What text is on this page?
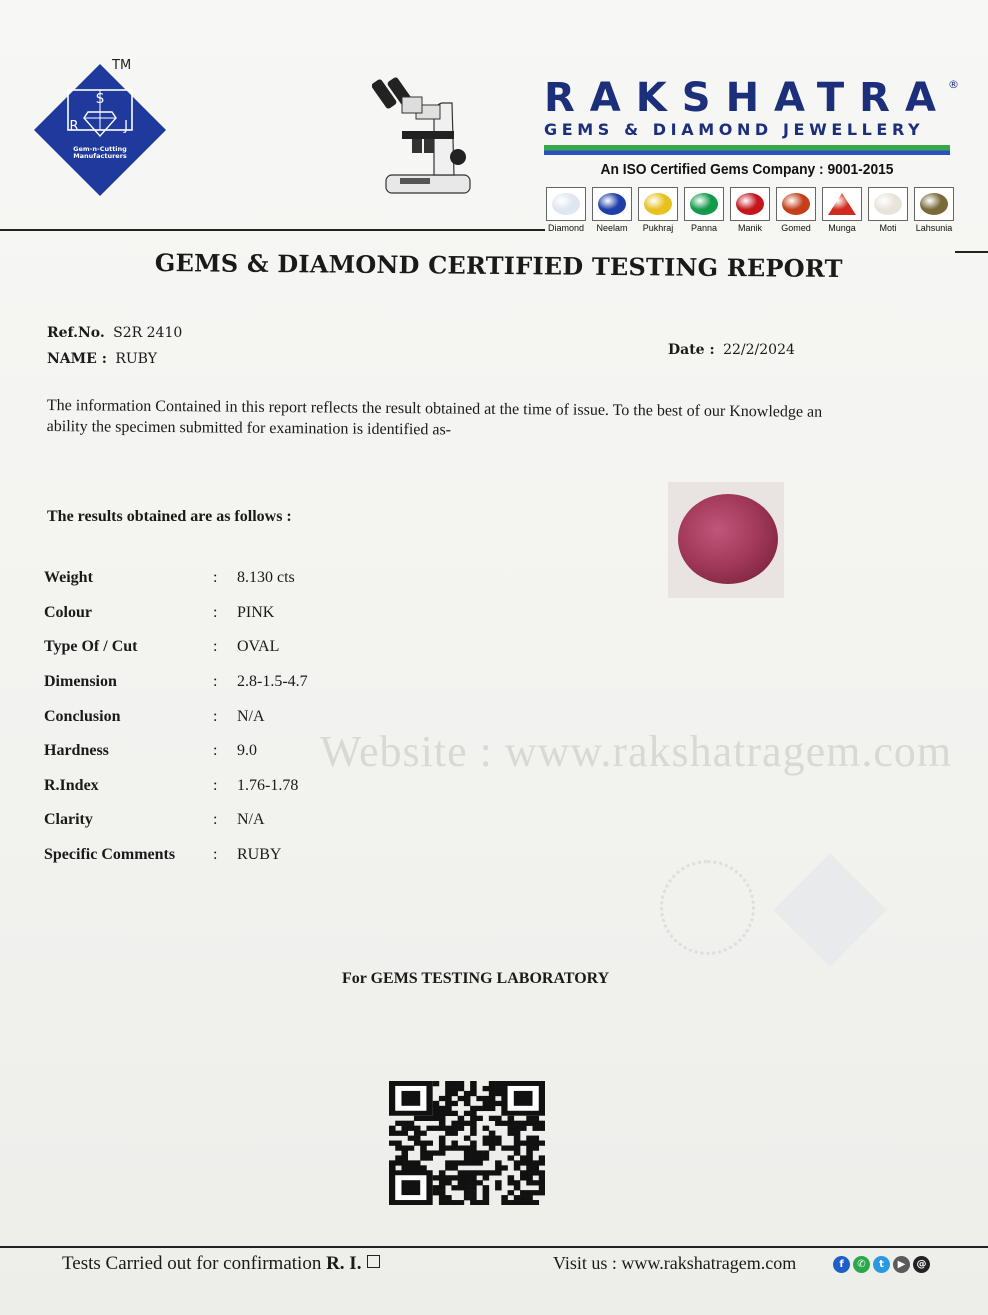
S
R	J
Gem-n-Cutting Manufacturers
TM
RAKSHATRA
®
GEMS & DIAMOND JEWELLERY
An ISO Certified Gems Company : 9001-2015
Diamond	Neelam	Pukhraj	Panna	Manik	Gomed	Munga	Moti	Lahsunia
GEMS & DIAMOND CERTIFIED TESTING REPORT
Ref.No. S2R 2410
NAME : RUBY
Date : 22/2/2024
The information Contained in this report reflects the result obtained at the time of issue. To the best of our Knowledge an ability the specimen submitted for examination is identified as-
The results obtained are as follows :
Weight	: 8.130 cts
Colour	: PINK
Type Of / Cut	: OVAL
Dimension	: 2.8-1.5-4.7
Conclusion	: N/A
Hardness	: 9.0
R.Index	: 1.76-1.78
Clarity	: N/A
Specific Comments : RUBY
Website : www.rakshatragem.com
For GEMS TESTING LABORATORY
Tests Carried out for confirmation R. I.	Visit us : www.rakshatragem.com	f	✆	t	▶	@
